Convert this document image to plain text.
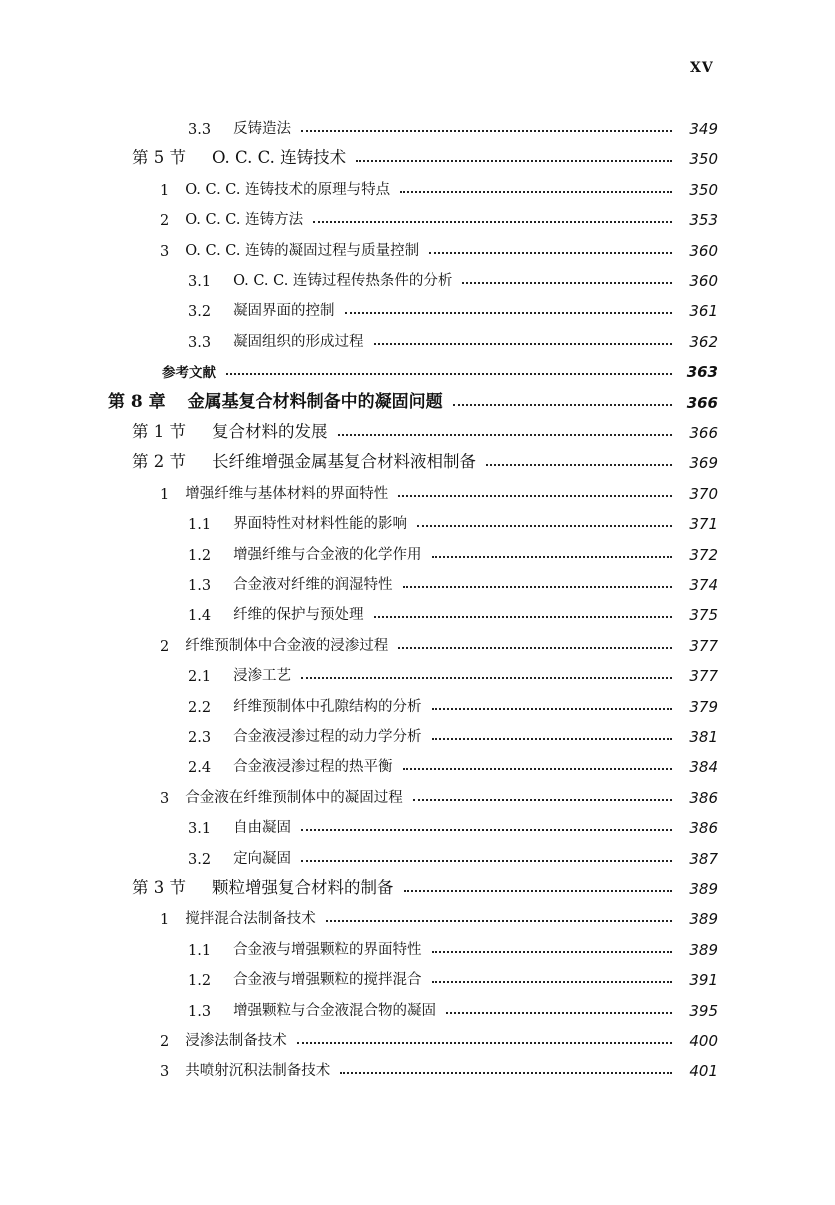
XV
3.3 反铸造法	349
第 5 节 O. C. C. 连铸技术	350
1 O. C. C. 连铸技术的原理与特点	350
2 O. C. C. 连铸方法	353
3 O. C. C. 连铸的凝固过程与质量控制	360
3.1 O. C. C. 连铸过程传热条件的分析	360
3.2 凝固界面的控制	361
3.3 凝固组织的形成过程	362
参考文献	363
第 8 章 金属基复合材料制备中的凝固问题	366
第 1 节 复合材料的发展	366
第 2 节 长纤维增强金属基复合材料液相制备	369
1 增强纤维与基体材料的界面特性	370
1.1 界面特性对材料性能的影响	371
1.2 增强纤维与合金液的化学作用	372
1.3 合金液对纤维的润湿特性	374
1.4 纤维的保护与预处理	375
2 纤维预制体中合金液的浸渗过程	377
2.1 浸渗工艺	377
2.2 纤维预制体中孔隙结构的分析	379
2.3 合金液浸渗过程的动力学分析	381
2.4 合金液浸渗过程的热平衡	384
3 合金液在纤维预制体中的凝固过程	386
3.1 自由凝固	386
3.2 定向凝固	387
第 3 节 颗粒增强复合材料的制备	389
1 搅拌混合法制备技术	389
1.1 合金液与增强颗粒的界面特性	389
1.2 合金液与增强颗粒的搅拌混合	391
1.3 增强颗粒与合金液混合物的凝固	395
2 浸渗法制备技术	400
3 共喷射沉积法制备技术	401
